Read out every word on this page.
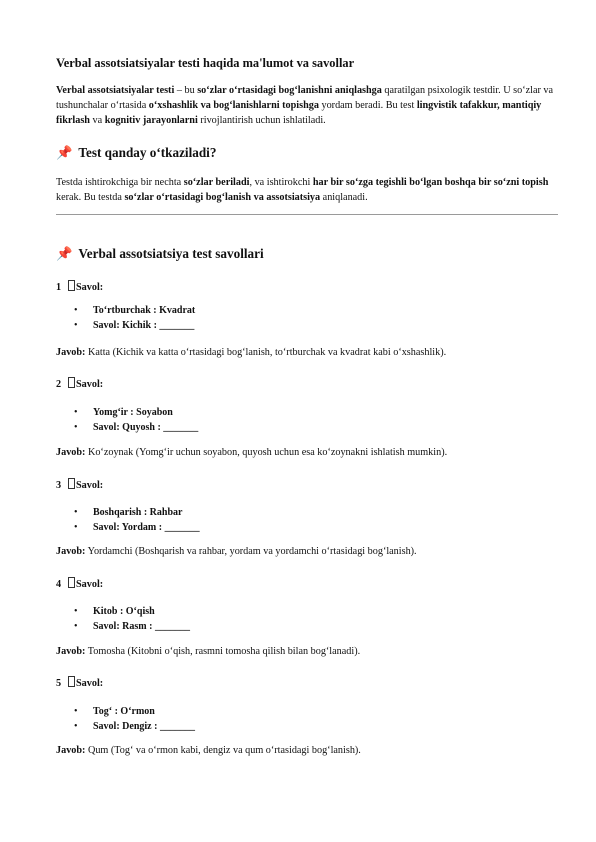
Verbal assotsiatsiyalar testi haqida ma'lumot va savollar

Verbal assotsiatsiyalar testi – bu so‘zlar o‘rtasidagi bog‘lanishni aniqlashga qaratilgan psixologik testdir. U so‘zlar va tushunchalar o‘rtasida o‘xshashlik va bog‘lanishlarni topishga yordam beradi. Bu test lingvistik tafakkur, mantiqiy fikrlash va kognitiv jarayonlarni rivojlantirish uchun ishlatiladi.

📌 Test qanday o‘tkaziladi?

Testda ishtirokchiga bir nechta so‘zlar beriladi, va ishtirokchi har bir so‘zga tegishli bo‘lgan boshqa bir so‘zni topish kerak. Bu testda so‘zlar o‘rtasidagi bog‘lanish va assotsiatsiya aniqlanadi.

📌 Verbal assotsiatsiya test savollari
1 Savol:
• To‘rtburchak : Kvadrat
• Savol: Kichik : _______
Javob: Katta (Kichik va katta o‘rtasidagi bog‘lanish, to‘rtburchak va kvadrat kabi o‘xshashlik).
2 Savol:
• Yomg‘ir : Soyabon
• Savol: Quyosh : _______
Javob: Ko‘zoynak (Yomg‘ir uchun soyabon, quyosh uchun esa ko‘zoynakni ishlatish mumkin).
3 Savol:
• Boshqarish : Rahbar
• Savol: Yordam : _______
Javob: Yordamchi (Boshqarish va rahbar, yordam va yordamchi o‘rtasidagi bog‘lanish).
4 Savol:
• Kitob : O‘qish
• Savol: Rasm : _______
Javob: Tomosha (Kitobni o‘qish, rasmni tomosha qilish bilan bog‘lanadi).
5 Savol:
• Tog‘ : O‘rmon
• Savol: Dengiz : _______
Javob: Qum (Tog‘ va o‘rmon kabi, dengiz va qum o‘rtasidagi bog‘lanish).
